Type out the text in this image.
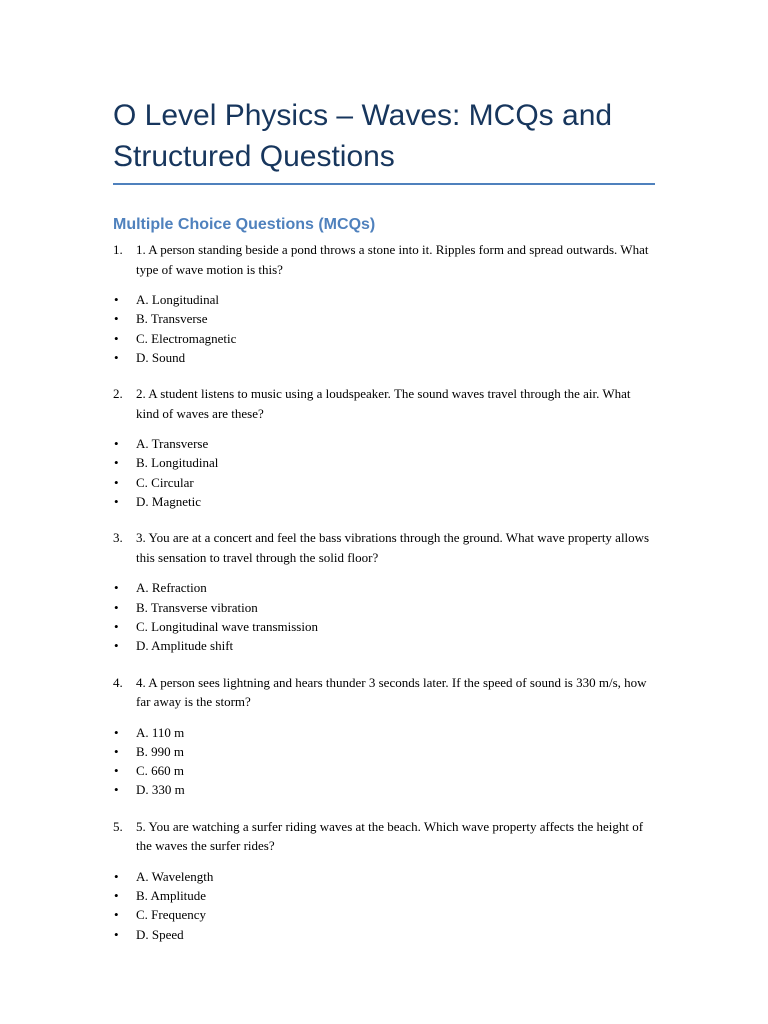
O Level Physics – Waves: MCQs and Structured Questions
Multiple Choice Questions (MCQs)
1. 1. A person standing beside a pond throws a stone into it. Ripples form and spread outwards. What type of wave motion is this?
• A. Longitudinal
• B. Transverse
• C. Electromagnetic
• D. Sound
2. 2. A student listens to music using a loudspeaker. The sound waves travel through the air. What kind of waves are these?
• A. Transverse
• B. Longitudinal
• C. Circular
• D. Magnetic
3. 3. You are at a concert and feel the bass vibrations through the ground. What wave property allows this sensation to travel through the solid floor?
• A. Refraction
• B. Transverse vibration
• C. Longitudinal wave transmission
• D. Amplitude shift
4. 4. A person sees lightning and hears thunder 3 seconds later. If the speed of sound is 330 m/s, how far away is the storm?
• A. 110 m
• B. 990 m
• C. 660 m
• D. 330 m
5. 5. You are watching a surfer riding waves at the beach. Which wave property affects the height of the waves the surfer rides?
• A. Wavelength
• B. Amplitude
• C. Frequency
• D. Speed
